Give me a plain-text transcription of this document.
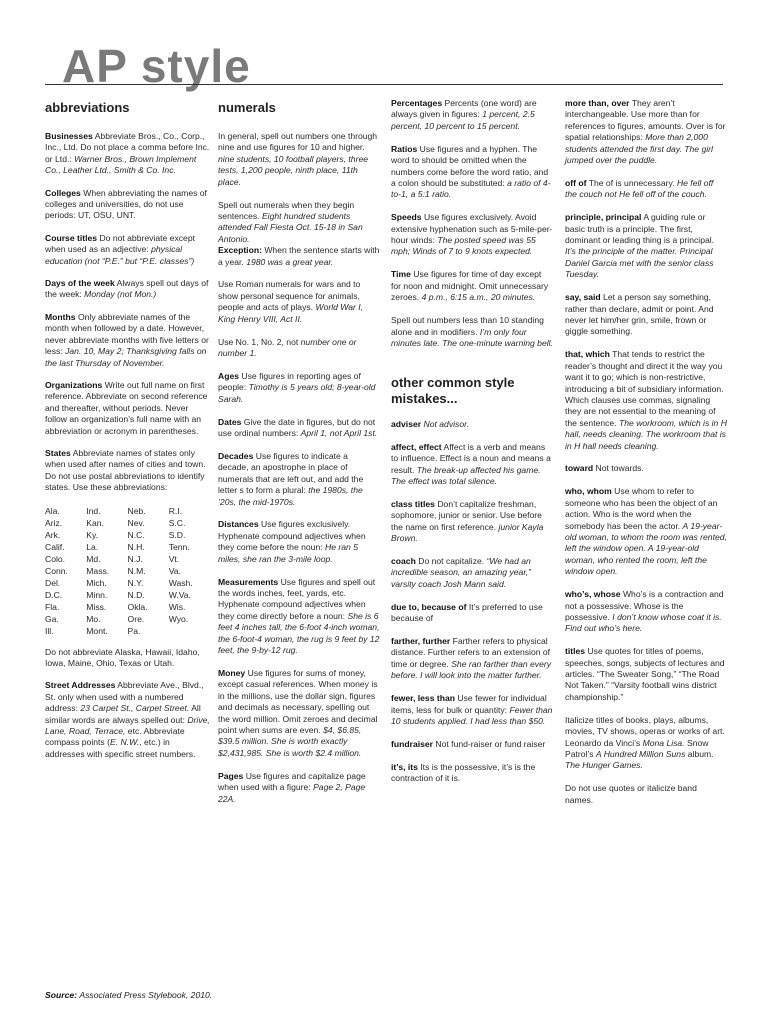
AP style
abbreviations

Businesses Abbreviate Bros., Co., Corp., Inc., Ltd. Do not place a comma before Inc. or Ltd.: Warner Bros., Brown Implement Co., Leather Ltd., Smith & Co. Inc.

Colleges When abbreviating the names of colleges and universities, do not use periods: UT, OSU, UNT.

Course titles Do not abbreviate except when used as an adjective: physical education (not “P.E.” but “P.E. classes”)

Days of the week Always spell out days of the week: Monday (not Mon.)

Months Only abbreviate names of the month when followed by a date. However, never abbreviate months with five letters or less: Jan. 10, May 2; Thanksgiving falls on the last Thursday of November.

Organizations Write out full name on first reference. Abbreviate on second reference and thereafter, without periods. Never follow an organization’s full name with an abbreviation or acronym in parentheses.

States Abbreviate names of states only when used after names of cities and town. Do not use postal abbreviations to identify states. Use these abbreviations:

Ala.	Ind.	Neb.	R.I.
Ariz.	Kan.	Nev.	S.C.
Ark.	Ky.	N.C.	S.D.
Calif.	La.	N.H.	Tenn.
Colo.	Md.	N.J.	Vt.
Conn.	Mass.	N.M.	Va.
Del.	Mich.	N.Y.	Wash.
D.C.	Minn.	N.D.	W.Va.
Fla.	Miss.	Okla.	Wis.
Ga.	Mo.	Ore.	Wyo.
Ill.	Mont.	Pa.	

Do not abbreviate Alaska, Hawaii, Idaho, Iowa, Maine, Ohio, Texas or Utah.

Street Addresses Abbreviate Ave., Blvd., St. only when used with a numbered address: 23 Carpet St., Carpet Street. All similar words are always spelled out: Drive, Lane, Road, Terrace, etc. Abbreviate compass points (E. N.W., etc.) in addresses with specific street numbers.

numerals

In general, spell out numbers one through nine and use figures for 10 and higher. nine students, 10 football players, three tests, 1,200 people, ninth place, 11th place.

Spell out numerals when they begin sentences. Eight hundred students attended Fall Fiesta Oct. 15-18 in San Antonio.
Exception: When the sentence starts with a year. 1980 was a great year.

Use Roman numerals for wars and to show personal sequence for animals, people and acts of plays. World War I, King Henry VIII, Act II.

Use No. 1, No. 2, not number one or number 1.

Ages Use figures in reporting ages of people: Timothy is 5 years old; 8-year-old Sarah.

Dates Give the date in figures, but do not use ordinal numbers: April 1, not April 1st.

Decades Use figures to indicate a decade, an apostrophe in place of numerals that are left out, and add the letter s to form a plural: the 1980s, the ’20s, the mid-1970s.

Distances Use figures exclusively. Hyphenate compound adjectives when they come before the noun: He ran 5 miles, she ran the 3-mile loop.

Measurements Use figures and spell out the words inches, feet, yards, etc. Hyphenate compound adjectives when they come directly before a noun: She is 6 feet 4 inches tall, the 6-foot 4-inch woman, the 6-foot-4 woman, the rug is 9 feet by 12 feet, the 9-by-12 rug.

Money Use figures for sums of money, except casual references. When money is in the millions, use the dollar sign, figures and decimals as necessary, spelling out the word million. Omit zeroes and decimal point when sums are even. $4, $6.85, $39.5 million. She is worth exactly $2,431,985. She is worth $2.4 million.

Pages Use figures and capitalize page when used with a figure: Page 2, Page 22A.

Percentages Percents (one word) are always given in figures: 1 percent, 2.5 percent, 10 percent to 15 percent.

Ratios Use figures and a hyphen. The word to should be omitted when the numbers come before the word ratio, and a colon should be substituted: a ratio of 4-to-1, a 5:1 ratio.

Speeds Use figures exclusively. Avoid extensive hyphenation such as 5-mile-per-hour winds: The posted speed was 55 mph; Winds of 7 to 9 knots expected.

Time Use figures for time of day except for noon and midnight. Omit unnecessary zeroes. 4 p.m., 6:15 a.m., 20 minutes.

Spell out numbers less than 10 standing alone and in modifiers. I’m only four minutes late. The one-minute warning bell.

other common style mistakes...

adviser Not advisor.

affect, effect Affect is a verb and means to influence. Effect is a noun and means a result. The break-up affected his game. The effect was total silence.

class titles Don’t capitalize freshman, sophomore, junior or senior. Use before the name on first reference. junior Kayla Brown.

coach Do not capitalize. “We had an incredible season, an amazing year,” varsity coach Josh Mann said.

due to, because of It’s preferred to use because of

farther, further Farther refers to physical distance. Further refers to an extension of time or degree. She ran farther than every before. I will look into the matter further.

fewer, less than Use fewer for individual items, less for bulk or quantity: Fewer than 10 students applied. I had less than $50.

fundraiser Not fund-raiser or fund raiser

it’s, its Its is the possessive, it’s is the contraction of it is.

more than, over They aren’t interchangeable. Use more than for references to figures, amounts. Over is for spatial relationships: More than 2,000 students attended the first day. The girl jumped over the puddle.

off of The of is unnecessary. He fell off the couch not He fell off of the couch.

principle, principal A guiding rule or basic truth is a principle. The first, dominant or leading thing is a principal. It’s the principle of the matter. Principal Daniel Garcia met with the senior class Tuesday.

say, said Let a person say something, rather than declare, admit or point. And never let him/her grin, smile, frown or giggle something.

that, which That tends to restrict the reader’s thought and direct it the way you want it to go; which is non-restrictive, introducing a bit of subsidiary information. Which clauses use commas, signaling they are not essential to the meaning of the sentence. The workroom, which is in H hall, needs cleaning. The workroom that is in H hall needs cleaning.

toward Not towards.

who, whom Use whom to refer to someone who has been the object of an action. Who is the word when the somebody has been the actor. A 19-year-old woman, to whom the room was rented, left the window open. A 19-year-old woman, who rented the room, left the window open.

who’s, whose Who’s is a contraction and not a possessive. Whose is the possessive. I don’t know whose coat it is. Find out who’s here.

titles Use quotes for titles of poems, speeches, songs, subjects of lectures and articles. “The Sweater Song,” “The Road Not Taken.” “Varsity football wins district championship.”

Italicize titles of books, plays, albums, movies, TV shows, operas or works of art. Leonardo da Vinci’s Mona Lisa. Snow Patrol’s A Hundred Million Suns album. The Hunger Games.

Do not use quotes or italicize band names.

Source: Associated Press Stylebook, 2010.
